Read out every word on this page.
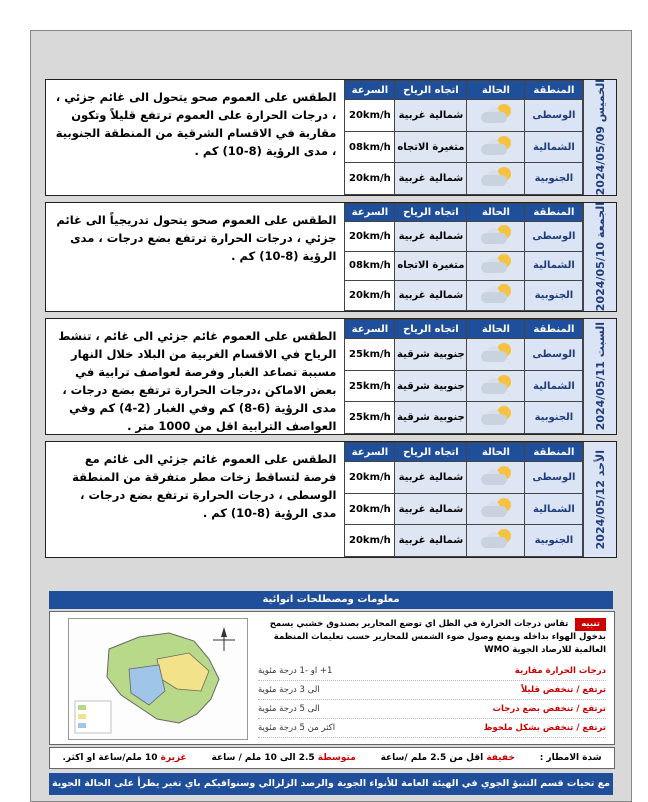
الطقس على العموم صحو يتحول الى غائم جزئي ، ، درجات الحرارة على العموم ترتفع قليلاً وتكون مقاربة في الاقسام الشرقية من المنطقة الجنوبية ، مدى الرؤية (8-10) كم .
السرعة	اتجاه الرياح	الحالة	المنطقة
20km/h	شمالية غربية		الوسطى
08km/h	متغيرة الاتجاه		الشمالية
20km/h	شمالية غربية		الجنوبية الخميس 2024/05/09
الطقس على العموم صحو يتحول تدريجياً الى غائم جزئي ، درجات الحرارة ترتفع بضع درجات ، مدى الرؤية (8-10) كم .
السرعة	اتجاه الرياح	الحالة	المنطقة
20km/h	شمالية غربية		الوسطى
08km/h	متغيرة الاتجاه		الشمالية
20km/h	شمالية غربية		الجنوبية الجمعة 2024/05/10
الطقس على العموم غائم جزئي الى غائم ، تنشط الرياح في الاقسام الغربية من البلاد خلال النهار مسببة تصاعد الغبار وفرصة لعواصف ترابية في بعض الاماكن ،درجات الحرارة ترتفع بضع درجات ، مدى الرؤية (6-8) كم وفي الغبار (2-4) كم وفي العواصف الترابية اقل من 1000 متر .
السرعة	اتجاه الرياح	الحالة	المنطقة
25km/h	جنوبية شرقية		الوسطى
25km/h	جنوبية شرقية		الشمالية
25km/h	جنوبية شرقية		الجنوبية السبت 2024/05/11
الطقس على العموم غائم جزئي الى غائم مع فرصة لتساقط زخات مطر متفرقة من المنطقة الوسطى ، درجات الحرارة ترتفع بضع درجات ، مدى الرؤية (8-10) كم .
السرعة	اتجاه الرياح	الحالة	المنطقة
20km/h	شمالية غربية		الوسطى
20km/h	شمالية غربية		الشمالية
20km/h	شمالية غربية		الجنوبية الأحد 2024/05/12
معلومات ومصطلحات انوائية
تنبيه تقاس درجات الحرارة في الظل اي توضع المحارير بصندوق خشبي يسمح بدخول الهواء بداخله ويمنع وصول ضوء الشمس للمحارير حسب تعليمات المنظمة العالمية للارصاد الجوية WMO
درجات الحرارة مقاربة
1+ او -1 درجة مئوية
ترتفع / تنخفض قليلاً
الى 3 درجة مئوية
ترتفع / تنخفض بضع درجات
الى 5 درجة مئوية
ترتفع / تنخفض بشكل ملحوظ
اكثر من 5 درجة مئوية
شدة الامطار :
خفيفة اقل من 2.5 ملم /ساعة
متوسطة 2.5 الى 10 ملم / ساعة
غزيرة 10 ملم/ساعة او اكثر.
مع تحيات قسم التنبؤ الجوي في الهيئة العامة للأنواء الجوية والرصد الزلزالي وسنوافيكم باي تغير يطرأ على الحالة الجوية
